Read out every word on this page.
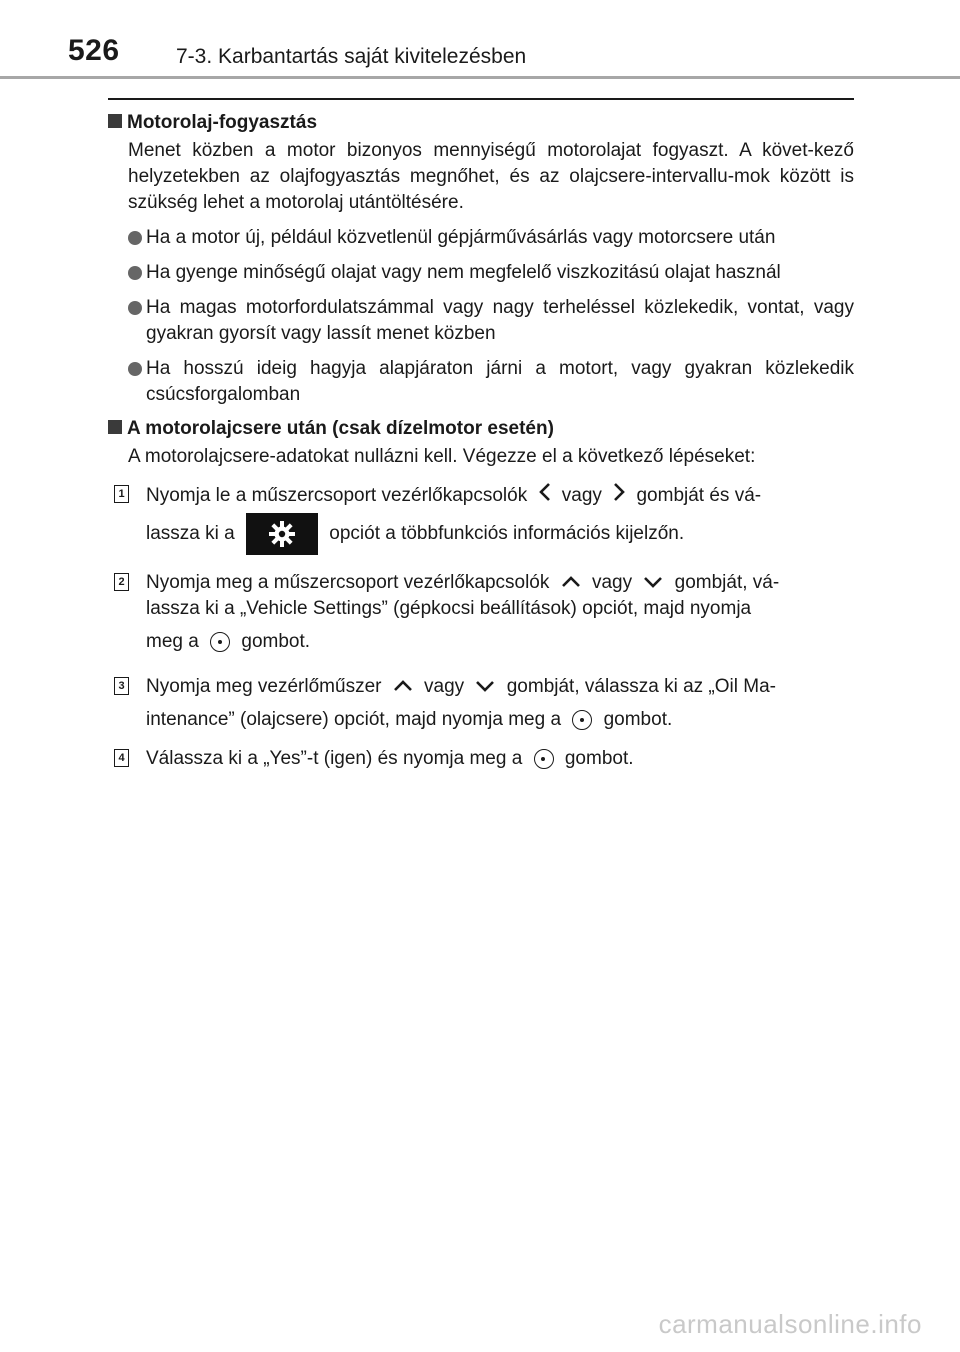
526	7-3. Karbantartás saját kivitelezésben

Motorolaj-fogyasztás

Menet közben a motor bizonyos mennyiségű motorolajat fogyaszt. A követ-kező helyzetekben az olajfogyasztás megnőhet, és az olajcsere-intervallu-mok között is szükség lehet a motorolaj utántöltésére.

Ha a motor új, például közvetlenül gépjárművásárlás vagy motorcsere után
Ha gyenge minőségű olajat vagy nem megfelelő viszkozitású olajat használ
Ha magas motorfordulatszámmal vagy nagy terheléssel közlekedik, vontat, vagy gyakran gyorsít vagy lassít menet közben
Ha hosszú ideig hagyja alapjáraton járni a motort, vagy gyakran közlekedik csúcsforgalomban

A motorolajcsere után (csak dízelmotor esetén)

A motorolajcsere-adatokat nullázni kell. Végezze el a következő lépéseket:

1 Nyomja le a műszercsoport vezérlőkapcsolók vagy gombját és vá-
lassza ki a	opciót a többfunkciós információs kijelzőn.
2 Nyomja meg a műszercsoport vezérlőkapcsolók vagy gombját, vá-
lassza ki a „Vehicle Settings” (gépkocsi beállítások) opciót, majd nyomja
meg a gombot.
3 Nyomja meg vezérlőműszer vagy gombját, válassza ki az „Oil Ma-
intenance” (olajcsere) opciót, majd nyomja meg a gombot.
4 Válassza ki a „Yes”-t (igen) és nyomja meg a gombot.
carmanualsonline.info
